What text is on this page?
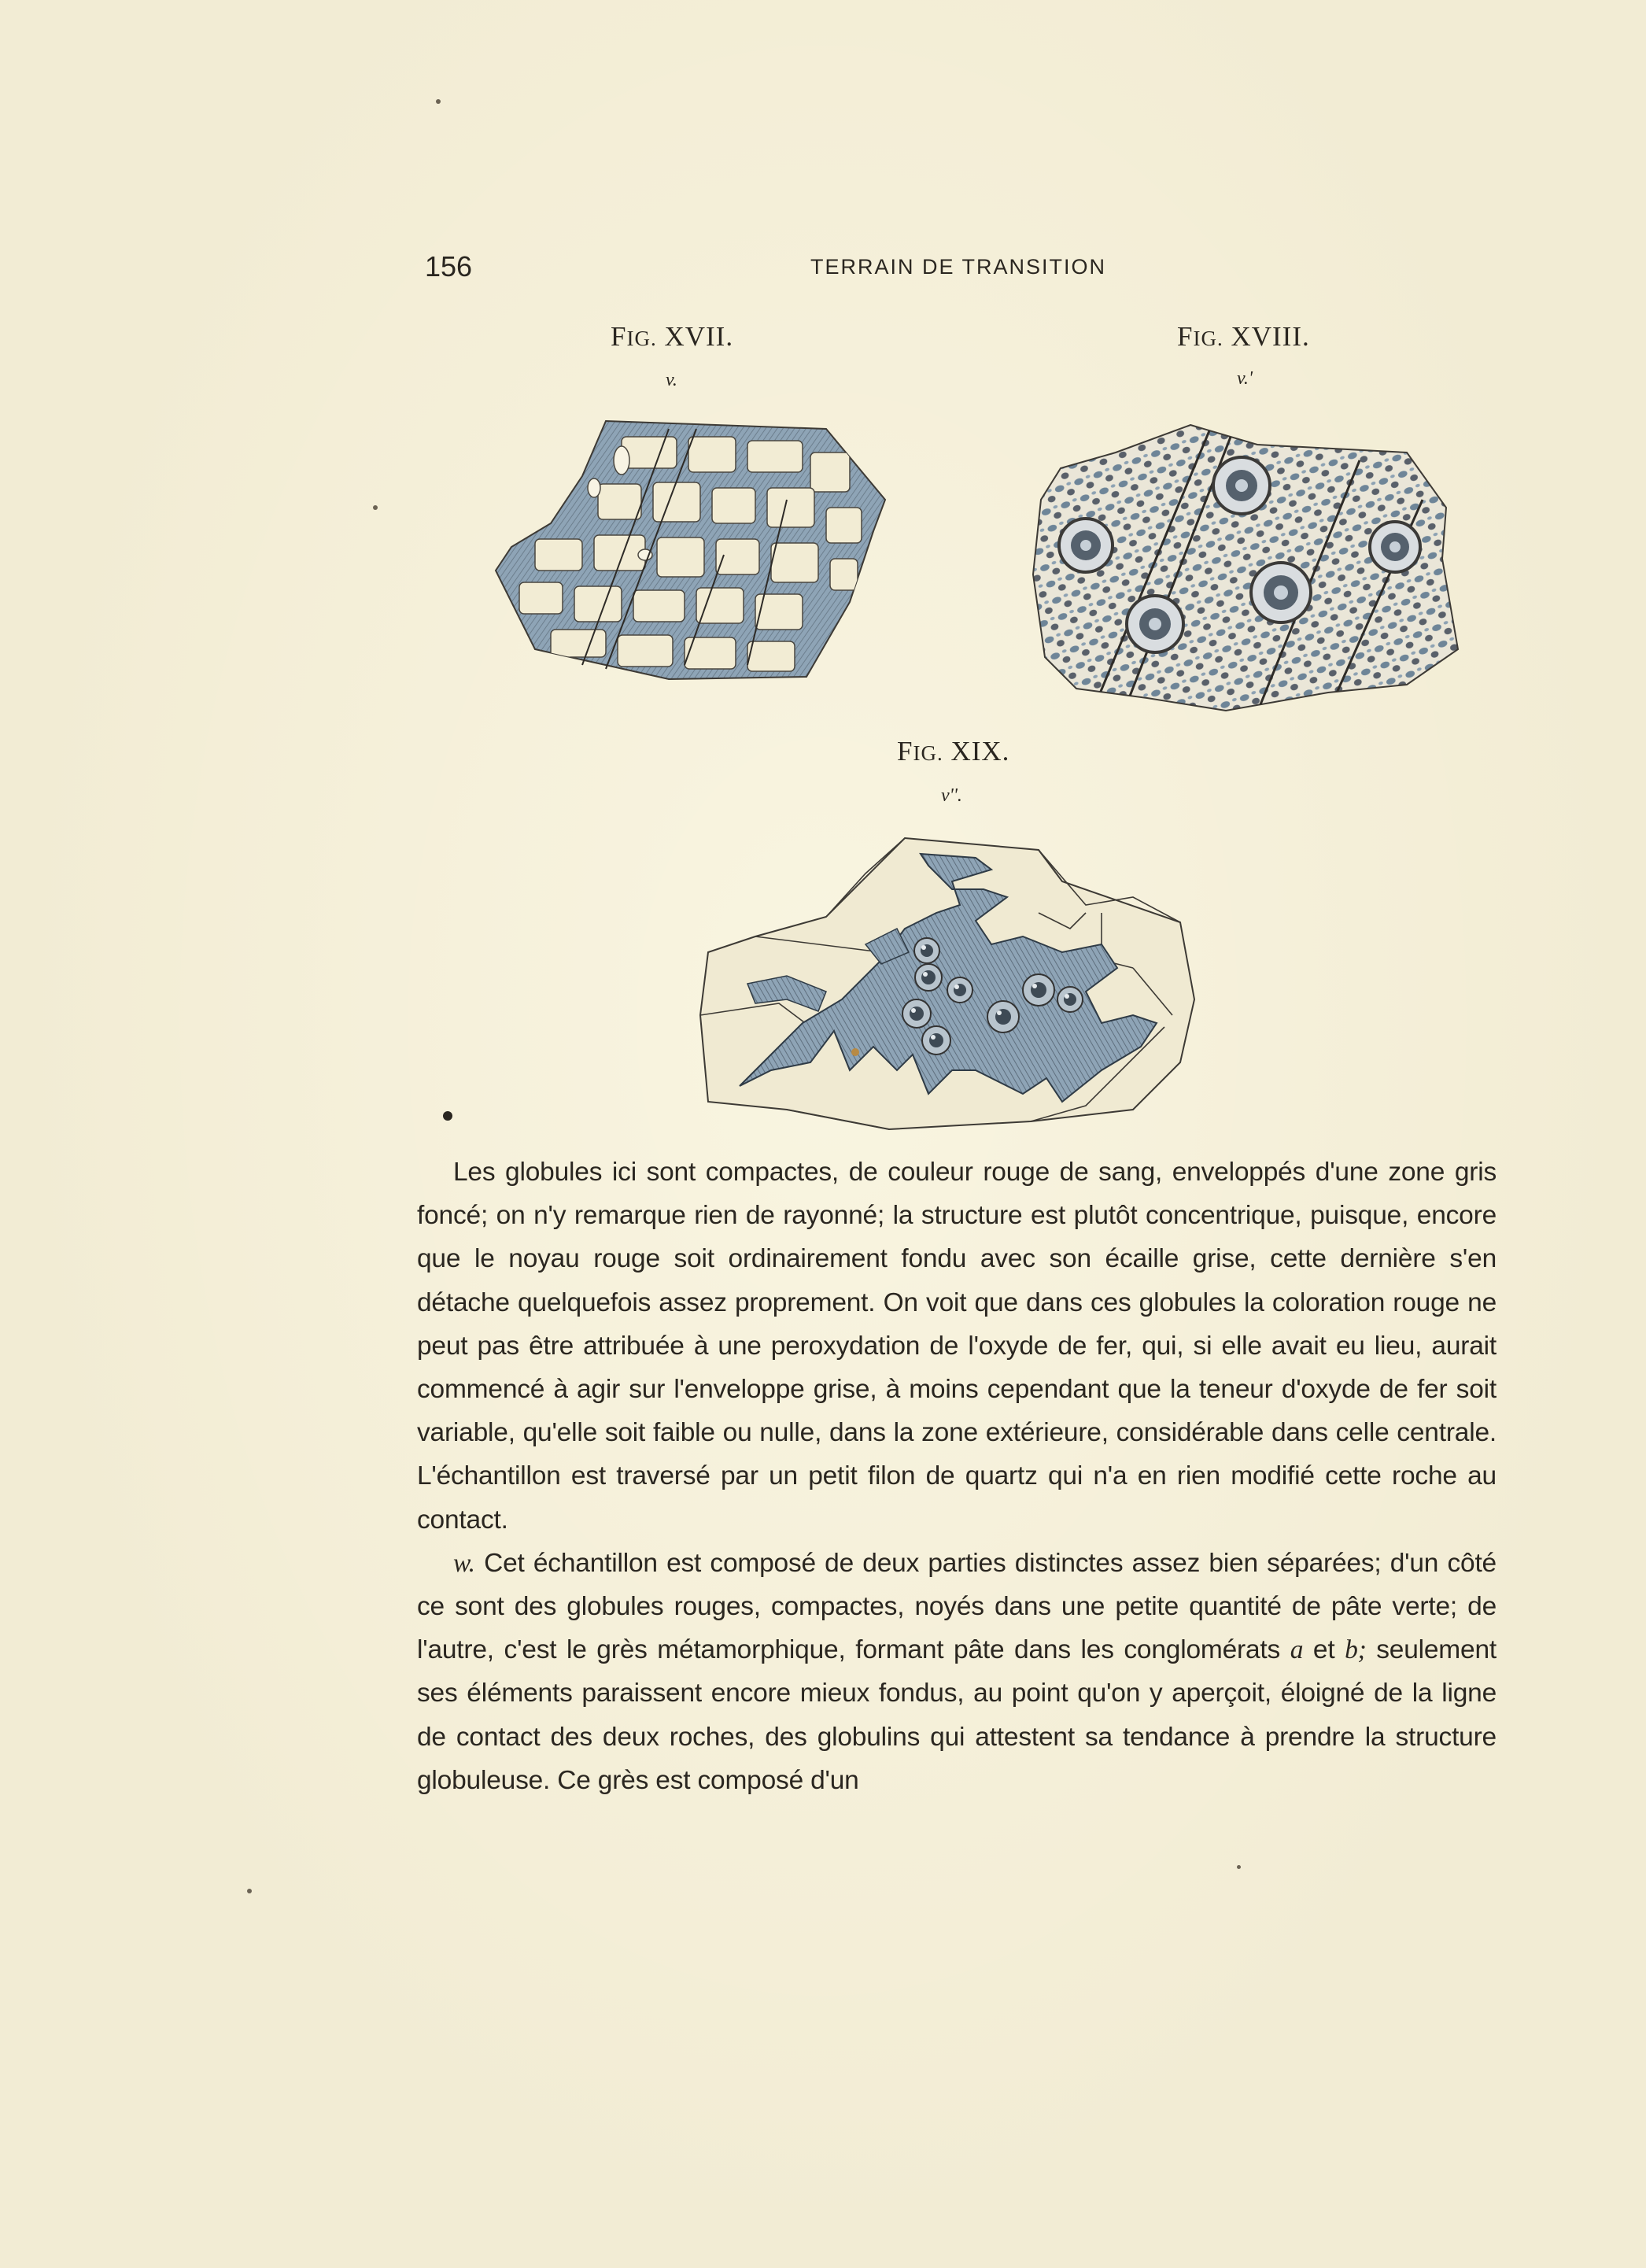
156	TERRAIN DE TRANSITION
FIG. XVII.
v.
FIG. XVIII.
v.'
FIG. XIX.
v''.

Les globules ici sont compactes, de couleur rouge de sang, enveloppés d'une zone gris foncé; on n'y remarque rien de rayonné; la structure est plutôt concentrique, puisque, encore que le noyau rouge soit ordinairement fondu avec son écaille grise, cette dernière s'en détache quelquefois assez proprement. On voit que dans ces globules la coloration rouge ne peut pas être attribuée à une peroxydation de l'oxyde de fer, qui, si elle avait eu lieu, aurait commencé à agir sur l'enveloppe grise, à moins cependant que la teneur d'oxyde de fer soit variable, qu'elle soit faible ou nulle, dans la zone extérieure, considérable dans celle centrale. L'échantillon est traversé par un petit filon de quartz qui n'a en rien modifié cette roche au contact.

w. Cet échantillon est composé de deux parties distinctes assez bien séparées; d'un côté ce sont des globules rouges, compactes, noyés dans une petite quantité de pâte verte; de l'autre, c'est le grès métamorphique, formant pâte dans les conglomérats a et b; seulement ses éléments paraissent encore mieux fondus, au point qu'on y aperçoit, éloigné de la ligne de contact des deux roches, des globulins qui attestent sa tendance à prendre la structure globuleuse. Ce grès est composé d'un
